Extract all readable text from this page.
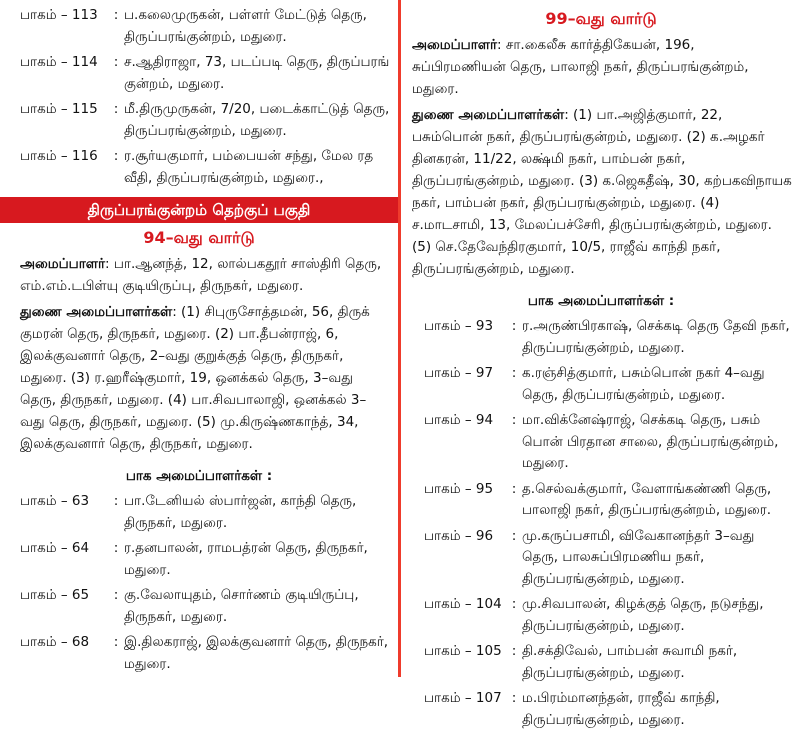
பாகம் – 113	: ப.கலைமுருகன், பள்ளர் மேட்டுத் தெரு, திருப்பரங்குன்றம், மதுரை.
பாகம் – 114	: ச.ஆதிராஜா, 73, படப்படி தெரு, திருப்பரங் குன்றம், மதுரை.
பாகம் – 115	: மீ.திருமுருகன், 7/20, படைக்காட்டுத் தெரு, திருப்பரங்குன்றம், மதுரை.
பாகம் – 116	: ர.சூர்யகுமார், பம்பையன் சந்து, மேல ரத வீதி, திருப்பரங்குன்றம், மதுரை.,
திருப்பரங்குன்றம் தெற்குப் பகுதி
94–வது வார்டு
அமைப்பாளர்: பா.ஆனந்த், 12, லால்பகதூர் சாஸ்திரி தெரு, எம்.எம்.டபிள்யு குடியிருப்பு, திருநகர், மதுரை.
துணை அமைப்பாளர்கள்: (1) சிபுருசோத்தமன், 56, திருக் குமரன் தெரு, திருநகர், மதுரை. (2) பா.தீபன்ராஜ், 6, இலக்குவனார் தெரு, 2–வது குறுக்குத் தெரு, திருநகர், மதுரை. (3) ர.ஹரீஷ்குமார், 19, ஒனக்கல் தெரு, 3–வது தெரு, திருநகர், மதுரை. (4) பா.சிவபாலாஜி, ஒனக்கல் 3–வது தெரு, திருநகர், மதுரை. (5) மு.கிருஷ்ணகாந்த், 34, இலக்குவனார் தெரு, திருநகர், மதுரை.
பாக அமைப்பாளர்கள் :
பாகம் – 63	: பா.டேனியல் ஸ்பார்ஜன், காந்தி தெரு, திருநகர், மதுரை.
பாகம் – 64	: ர.தனபாலன், ராமபத்ரன் தெரு, திருநகர், மதுரை.
பாகம் – 65	: கு.வேலாயுதம், சொர்ணம் குடியிருப்பு, திருநகர், மதுரை.
பாகம் – 68	: இ.திலகராஜ், இலக்குவனார் தெரு, திருநகர், மதுரை.
99–வது வார்டு
அமைப்பாளர்: சா.கைலீசு கார்த்திகேயன், 196, சுப்பிரமணியன் தெரு, பாலாஜி நகர், திருப்பரங்குன்றம், மதுரை.
துணை அமைப்பாளர்கள்: (1) பா.அஜித்குமார், 22, பசும்பொன் நகர், திருப்பரங்குன்றம், மதுரை. (2) க.அழகர் தினகரன், 11/22, லக்ஷ்மி நகர், பாம்பன் நகர், திருப்பரங்குன்றம், மதுரை. (3) க.ஜெகதீஷ், 30, கற்பகவிநாயக நகர், பாம்பன் நகர், திருப்பரங்குன்றம், மதுரை. (4) ச.மாடசாமி, 13, மேலப்பச்சேரி, திருப்பரங்குன்றம், மதுரை. (5) செ.தேவேந்திரகுமார், 10/5, ராஜீவ் காந்தி நகர், திருப்பரங்குன்றம், மதுரை.
பாக அமைப்பாளர்கள் :
பாகம் – 93	: ர.அருண்பிரகாஷ், செக்கடி தெரு தேவி நகர், திருப்பரங்குன்றம், மதுரை.
பாகம் – 97	: க.ரஞ்சித்குமார், பசும்பொன் நகர் 4–வது தெரு, திருப்பரங்குன்றம், மதுரை.
பாகம் – 94	: மா.விக்னேஷ்ராஜ், செக்கடி தெரு, பசும் பொன் பிரதான சாலை, திருப்பரங்குன்றம், மதுரை.
பாகம் – 95	: த.செல்வக்குமார், வேளாங்கண்ணி தெரு, பாலாஜி நகர், திருப்பரங்குன்றம், மதுரை.
பாகம் – 96	: மு.கருப்பசாமி, விவேகானந்தர் 3–வது தெரு, பாலசுப்பிரமணிய நகர், திருப்பரங்குன்றம், மதுரை.
பாகம் – 104 : மு.சிவபாலன், கிழக்குத் தெரு, நடுசந்து, திருப்பரங்குன்றம், மதுரை.
பாகம் – 105 : தி.சக்திவேல், பாம்பன் சுவாமி நகர், திருப்பரங்குன்றம், மதுரை.
பாகம் – 107 : ம.பிரம்மானந்தன், ராஜீவ் காந்தி, திருப்பரங்குன்றம், மதுரை.
